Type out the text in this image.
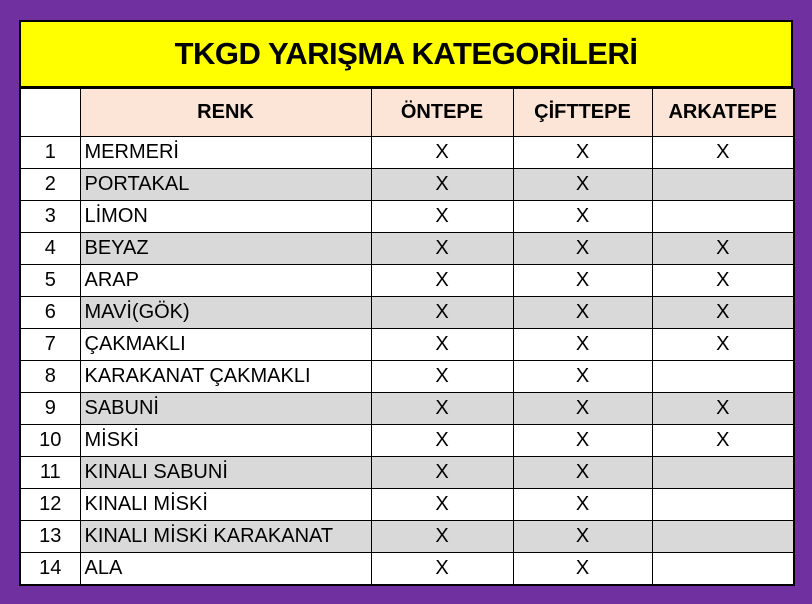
TKGD YARIŞMA KATEGORİLERİ
	RENK	ÖNTEPE	ÇİFTTEPE	ARKATEPE
1	MERMERİ	X	X	X
2	PORTAKAL	X	X	
3	LİMON	X	X	
4	BEYAZ	X	X	X
5	ARAP	X	X	X
6	MAVİ(GÖK)	X	X	X
7	ÇAKMAKLI	X	X	X
8	KARAKANAT ÇAKMAKLI	X	X	
9	SABUNİ	X	X	X
10	MİSKİ	X	X	X
11	KINALI SABUNİ	X	X	
12	KINALI MİSKİ	X	X	
13	KINALI MİSKİ KARAKANAT	X	X	
14	ALA	X	X	
